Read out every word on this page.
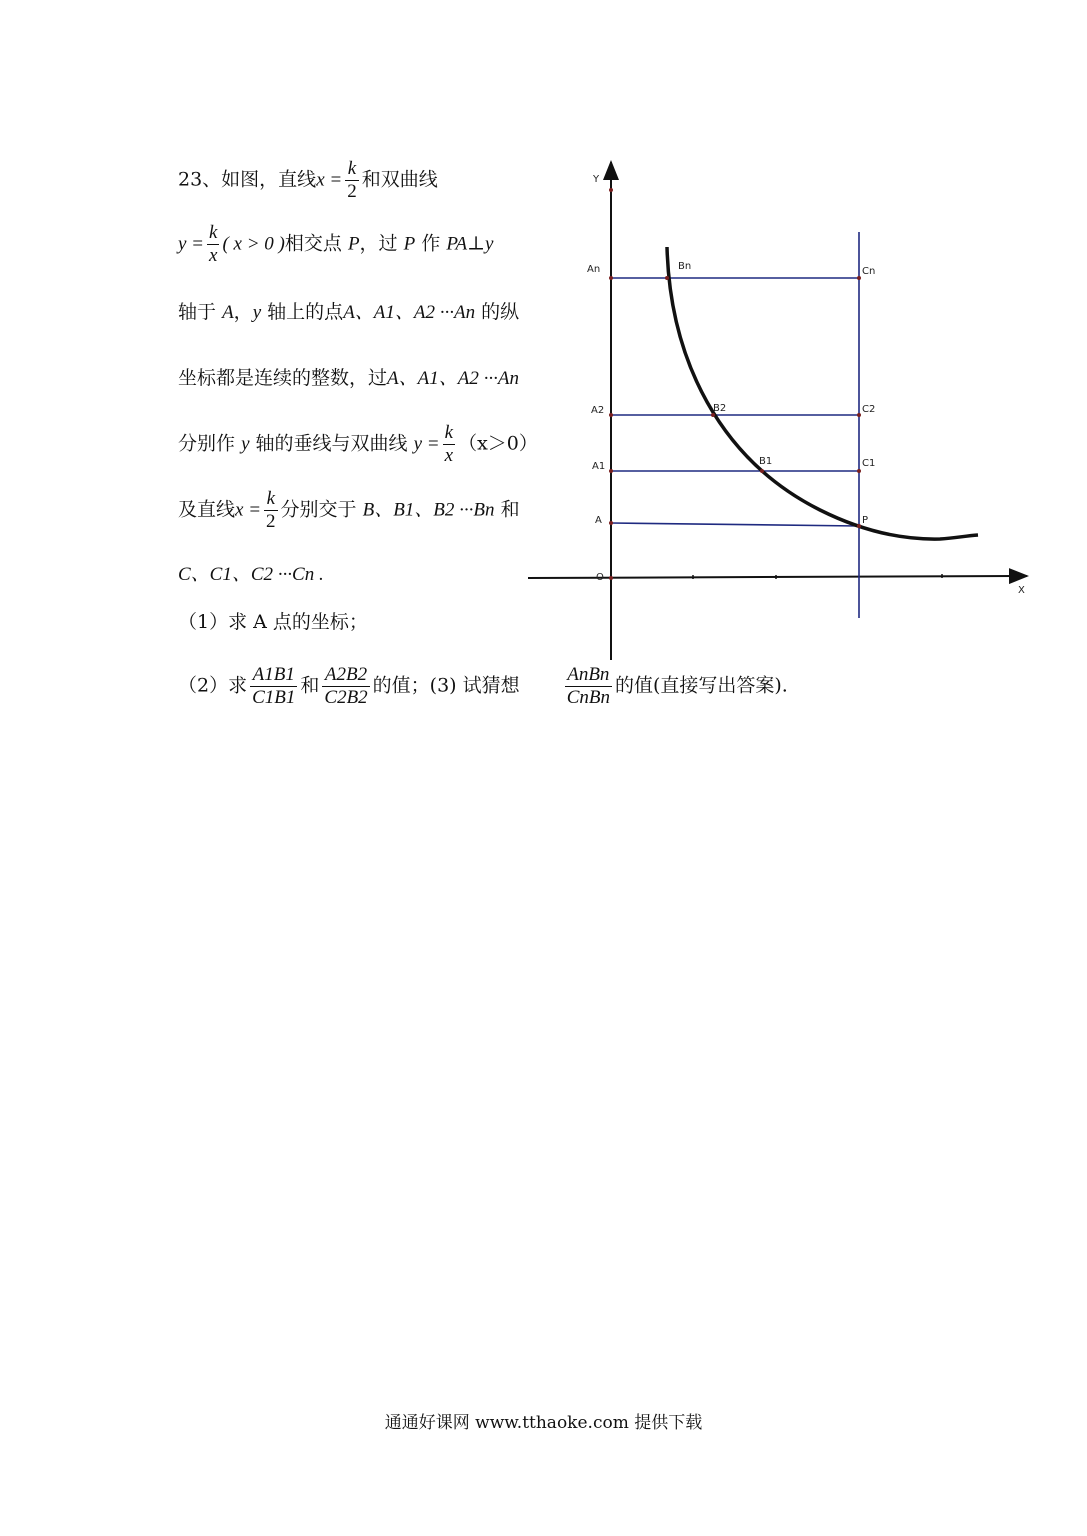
23、如图，直线$x = \frac{k}{2}$ 和双曲线
$y = \frac{k}{x}$ ( x > 0 )相交点 P，过 P 作 PA⊥y
轴于 A，y 轴上的点A、A1、A2 ···An 的纵
坐标都是连续的整数，过A、A1、A2 ···An
分别作 y 轴的垂线与双曲线 $y = \frac{k}{x} (x>0)$
及直线$x = \frac{k}{2}$ 分别交于 B、B1、B2 ···Bn 和
C、C1、C2 ···Cn .
（1）求 A 点的坐标；
（2）求 $\frac{A1B1}{C1B1}$ 和 $\frac{A2B2}{C2B2}$ 的值；(3) 试猜想 $\frac{\text{AnBn}}{\text{CnBn}}$ 的值(直接写出答案).
Y
X
O
An	Bn	Cn
A2	B2	C2
A1	B1	C1
A	P
通通好课网 www.tthaoke.com 提供下载
